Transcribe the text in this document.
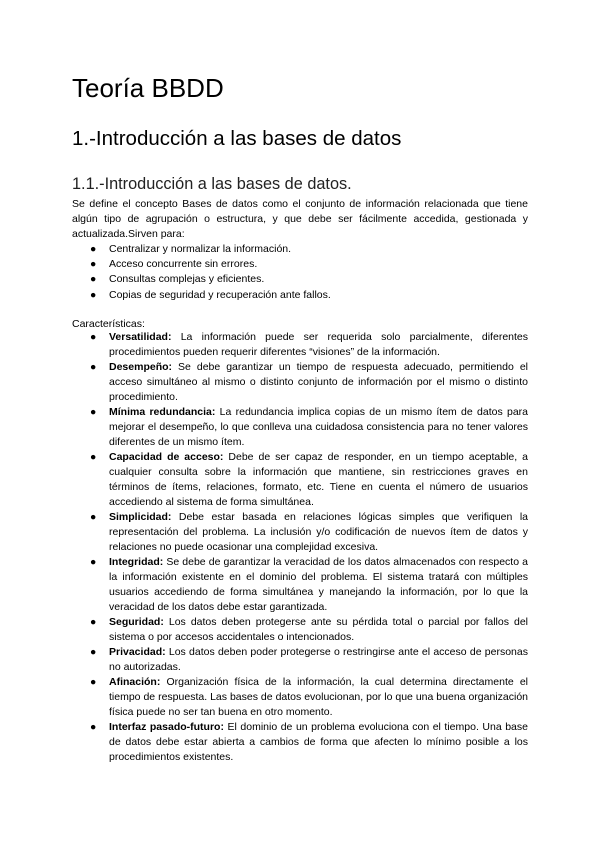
Teoría BBDD
1.-Introducción a las bases de datos
1.1.-Introducción a las bases de datos.

Se define el concepto Bases de datos como el conjunto de información relacionada que tiene algún tipo de agrupación o estructura, y que debe ser fácilmente accedida, gestionada y actualizada.Sirven para:

●	Centralizar y normalizar la información.
●	Acceso concurrente sin errores.
●	Consultas complejas y eficientes.
●	Copias de seguridad y recuperación ante fallos.

Características:

●	Versatilidad: La información puede ser requerida solo parcialmente, diferentes procedimientos pueden requerir diferentes “visiones” de la información.
●	Desempeño: Se debe garantizar un tiempo de respuesta adecuado, permitiendo el acceso simultáneo al mismo o distinto conjunto de información por el mismo o distinto procedimiento.
●	Mínima redundancia: La redundancia implica copias de un mismo ítem de datos para mejorar el desempeño, lo que conlleva una cuidadosa consistencia para no tener valores diferentes de un mismo ítem.
●	Capacidad de acceso: Debe de ser capaz de responder, en un tiempo aceptable, a cualquier consulta sobre la información que mantiene, sin restricciones graves en términos de ítems, relaciones, formato, etc. Tiene en cuenta el número de usuarios accediendo al sistema de forma simultánea.
●	Simplicidad: Debe estar basada en relaciones lógicas simples que verifiquen la representación del problema. La inclusión y/o codificación de nuevos ítem de datos y relaciones no puede ocasionar una complejidad excesiva.
●	Integridad: Se debe de garantizar la veracidad de los datos almacenados con respecto a la información existente en el dominio del problema. El sistema tratará con múltiples usuarios accediendo de forma simultánea y manejando la información, por lo que la veracidad de los datos debe estar garantizada.
●	Seguridad: Los datos deben protegerse ante su pérdida total o parcial por fallos del sistema o por accesos accidentales o intencionados.
●	Privacidad: Los datos deben poder protegerse o restringirse ante el acceso de personas no autorizadas.
●	Afinación: Organización física de la información, la cual determina directamente el tiempo de respuesta. Las bases de datos evolucionan, por lo que una buena organización física puede no ser tan buena en otro momento.
●	Interfaz pasado-futuro: El dominio de un problema evoluciona con el tiempo. Una base de datos debe estar abierta a cambios de forma que afecten lo mínimo posible a los procedimientos existentes.
